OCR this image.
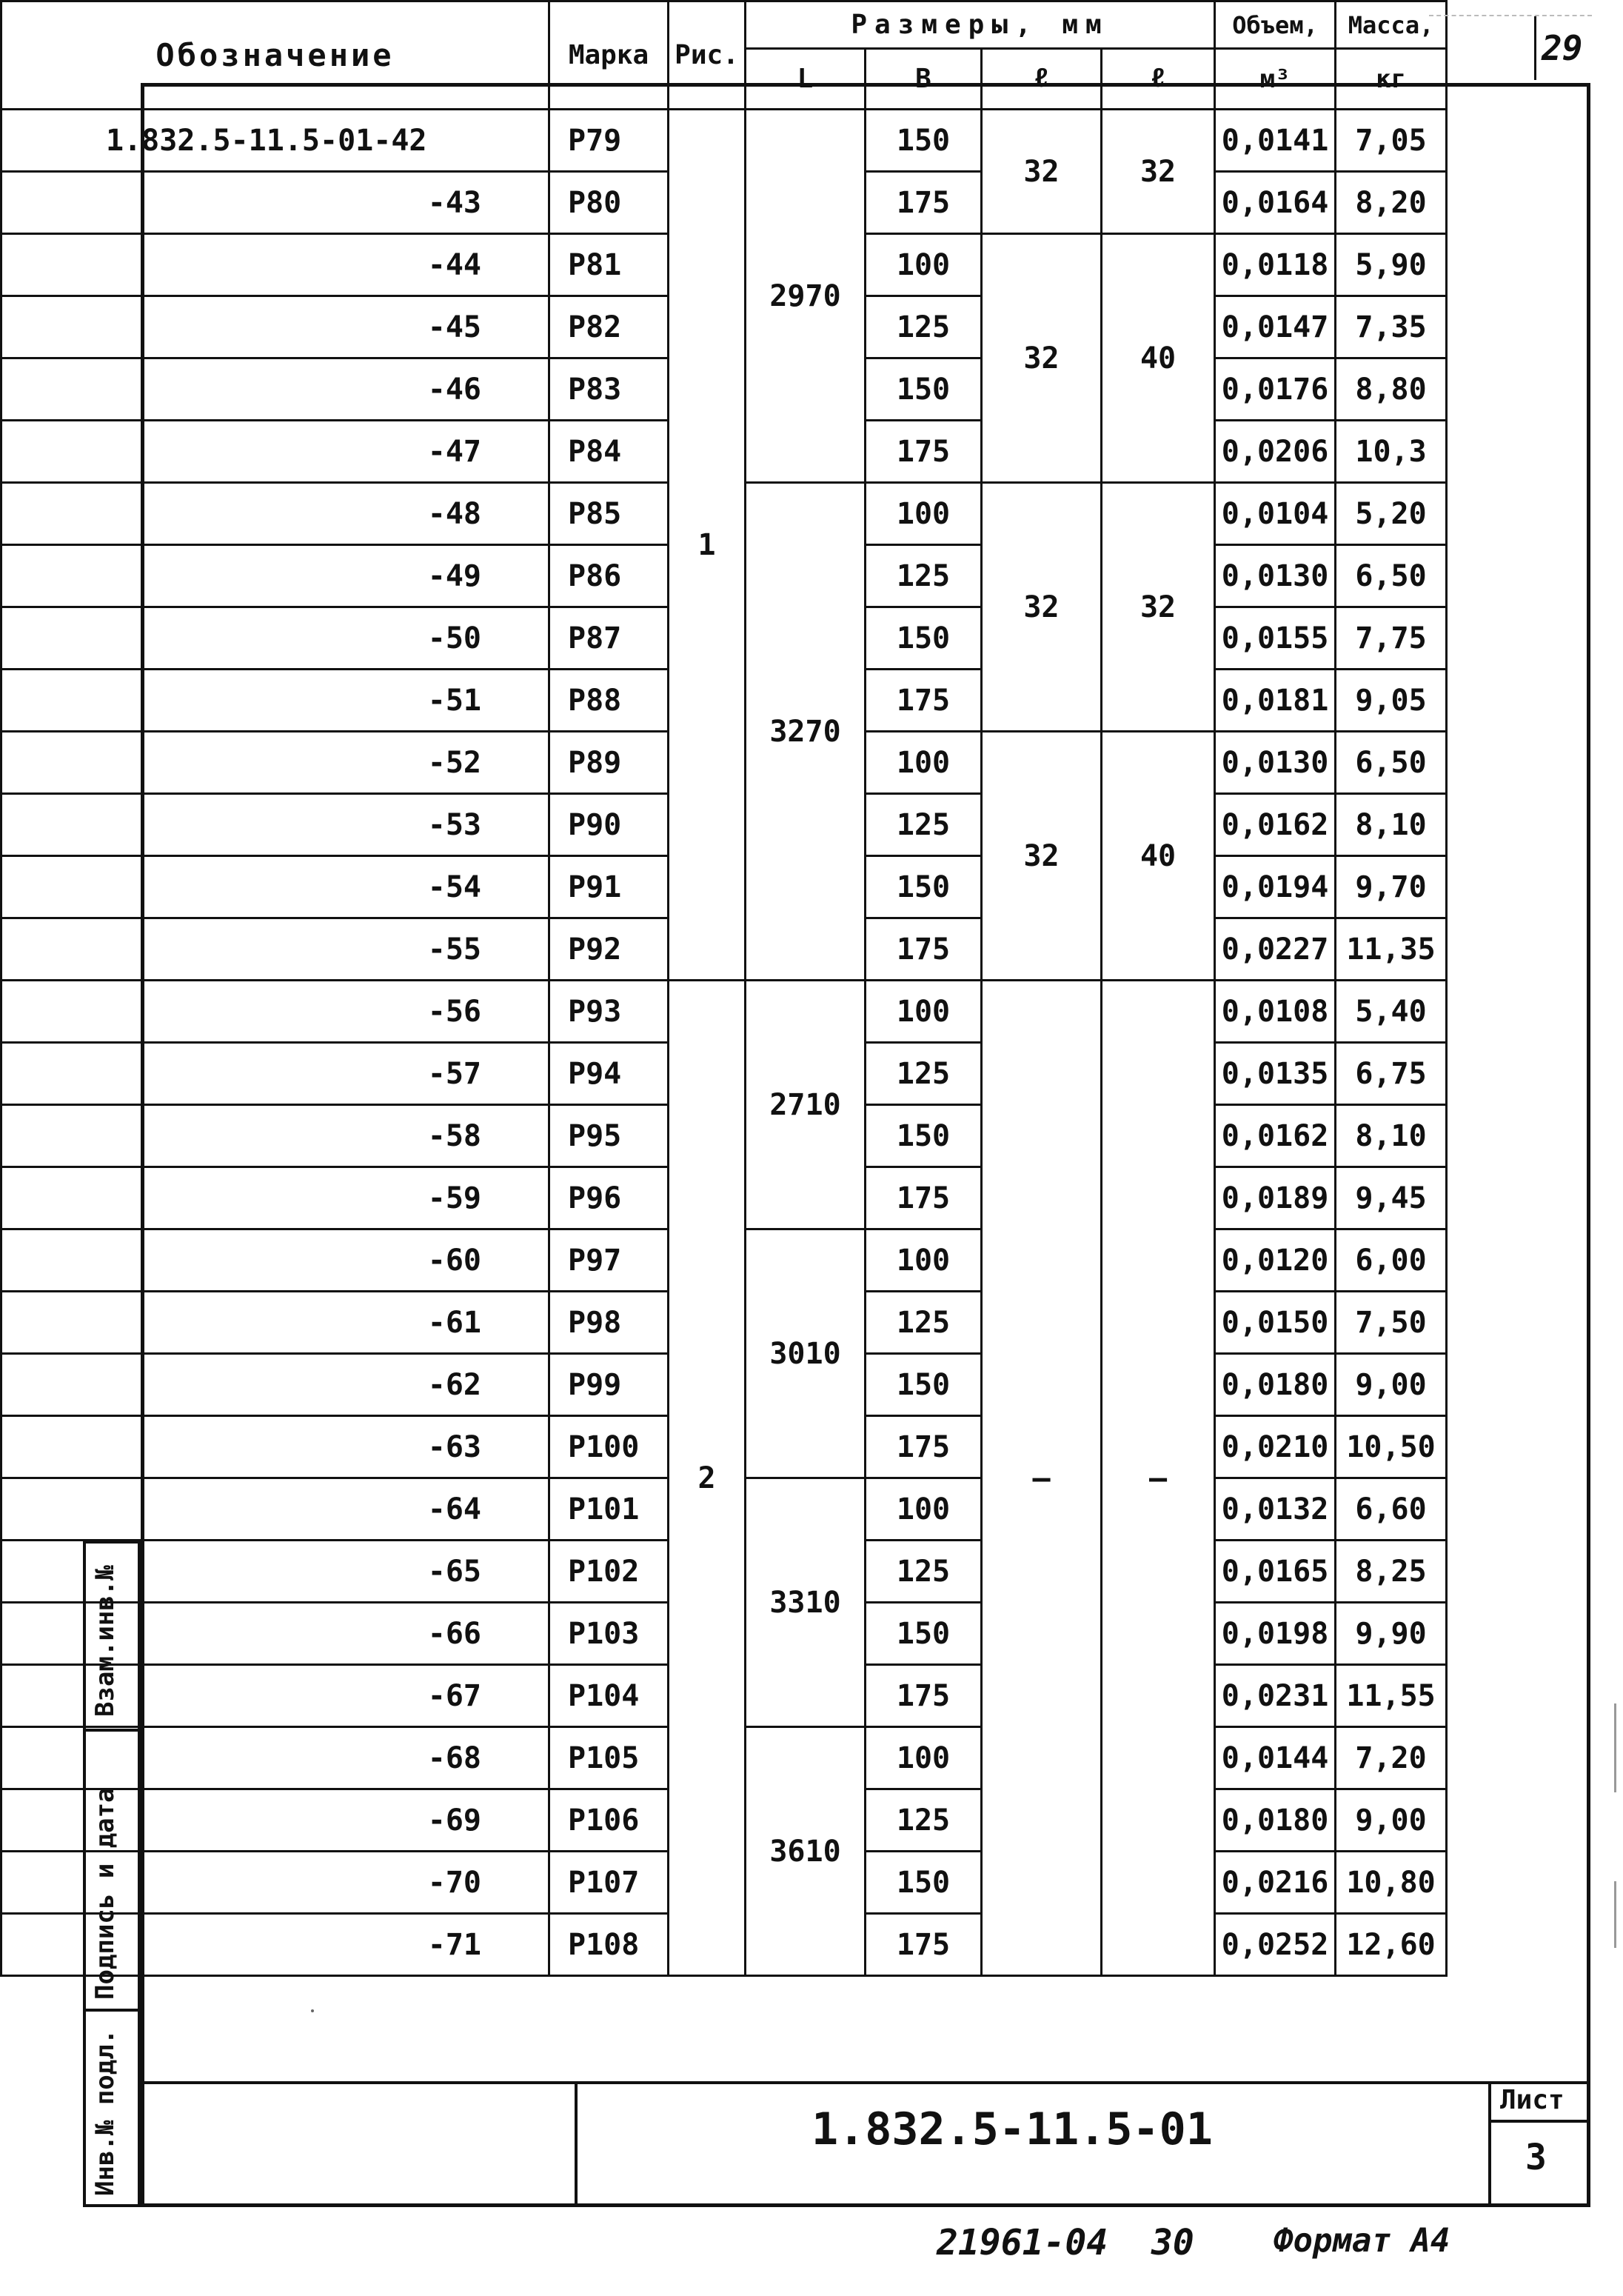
29
Обозначение	Марка	Рис.	Размеры, мм				Объем,	Масса,
			L	B	ℓ	ℓ	м³	кг
1.832.5-11.5-01-42	Р79	1	2970	150	32	32	0,0141	7,05
-43	Р80			175			0,0164	8,20
-44	Р81			100	32	40	0,0118	5,90
-45	Р82			125			0,0147	7,35
-46	Р83			150			0,0176	8,80
-47	Р84			175			0,0206	10,3
-48	Р85		3270	100	32	32	0,0104	5,20
-49	Р86			125			0,0130	6,50
-50	Р87			150			0,0155	7,75
-51	Р88			175			0,0181	9,05
-52	Р89			100	32	40	0,0130	6,50
-53	Р90			125			0,0162	8,10
-54	Р91			150			0,0194	9,70
-55	Р92			175			0,0227	11,35
-56	Р93	2	2710	100	—	—	0,0108	5,40
-57	Р94			125			0,0135	6,75
-58	Р95			150			0,0162	8,10
-59	Р96			175			0,0189	9,45
-60	Р97		3010	100			0,0120	6,00
-61	Р98			125			0,0150	7,50
-62	Р99			150			0,0180	9,00
-63	Р100			175			0,0210	10,50
-64	Р101		3310	100			0,0132	6,60
-65	Р102			125			0,0165	8,25
-66	Р103			150			0,0198	9,90
-67	Р104			175			0,0231	11,55
-68	Р105		3610	100			0,0144	7,20
-69	Р106			125			0,0180	9,00
-70	Р107			150			0,0216	10,80
-71	Р108			175			0,0252	12,60
1.832.5-11.5-01
Лист
3
Взам.инв.№
Подпись и дата
Инв.№ подл.
21961-04 30 Формат А4
